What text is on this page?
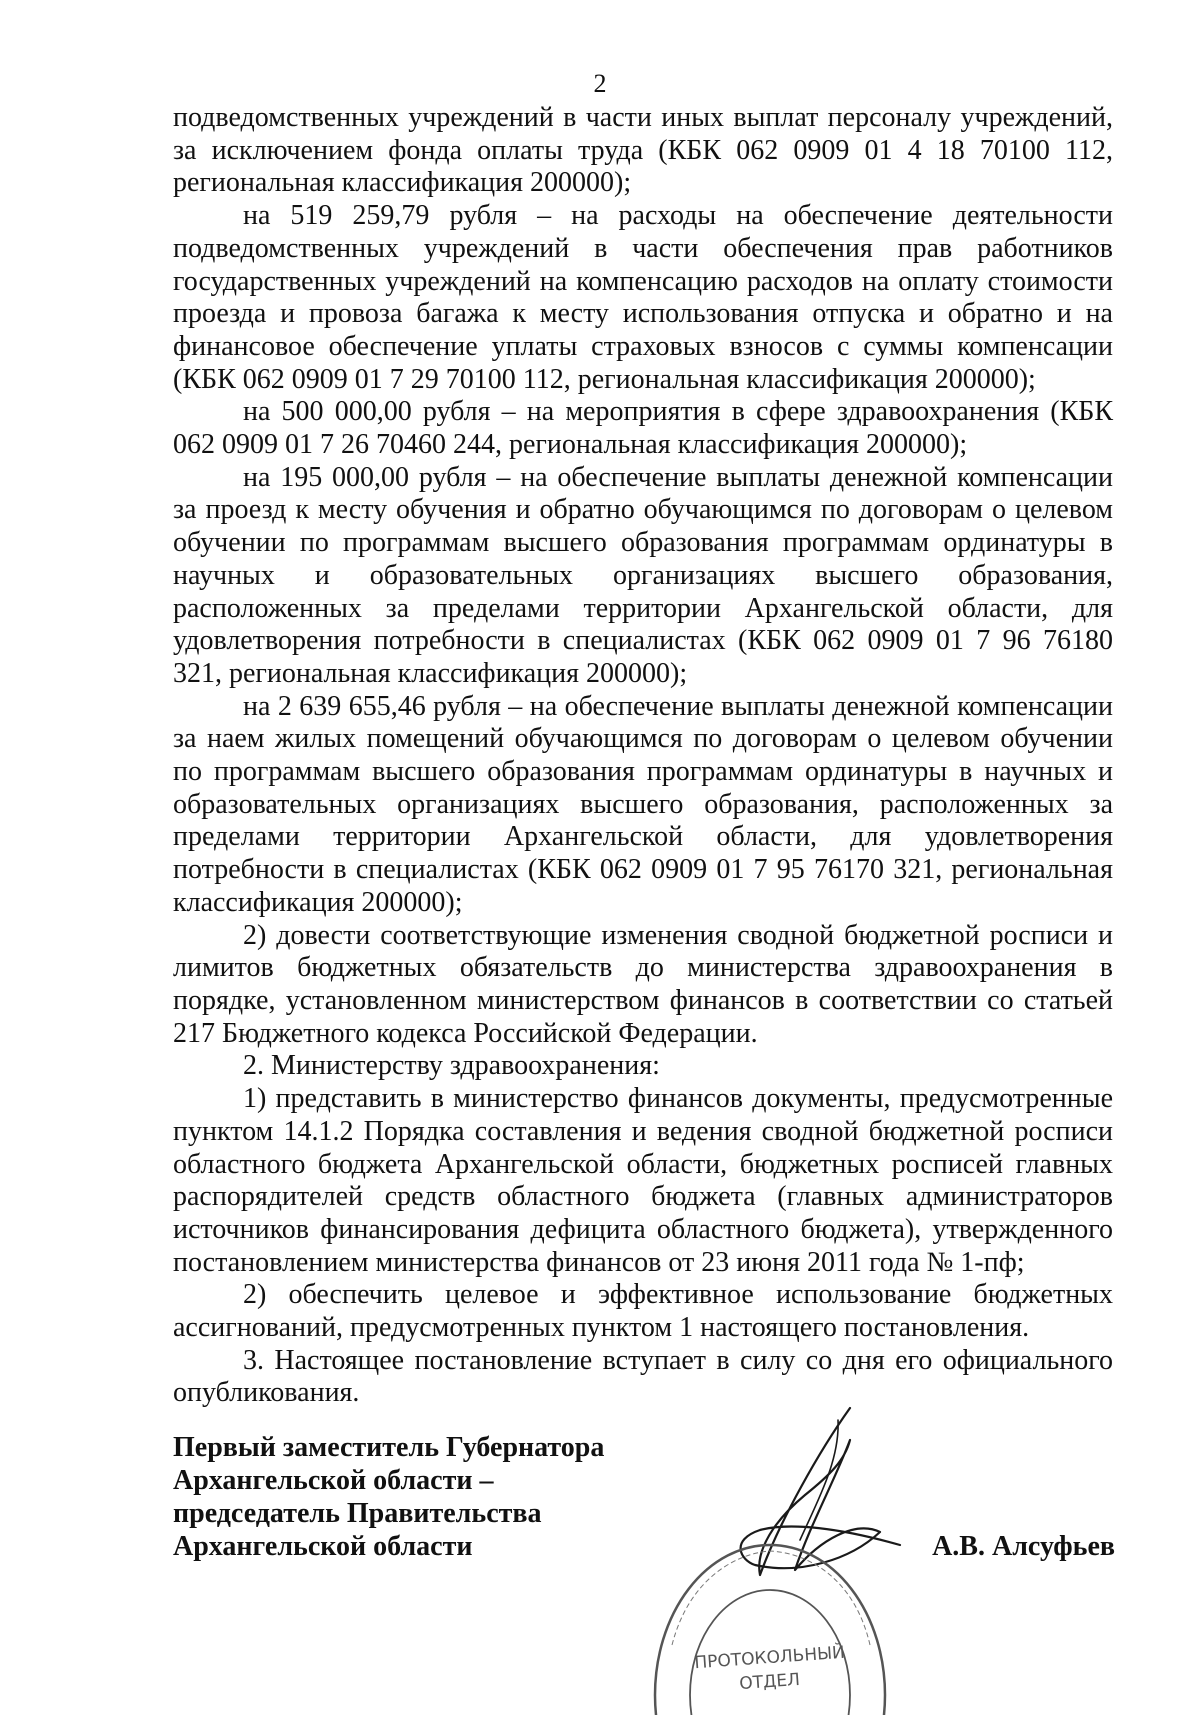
2

подведомственных учреждений в части иных выплат персоналу учреждений, за исключением фонда оплаты труда (КБК 062 0909 01 4 18 70100 112, региональная классификация 200000);

на 519 259,79 рубля – на расходы на обеспечение деятельности подведомственных учреждений в части обеспечения прав работников государственных учреждений на компенсацию расходов на оплату стоимости проезда и провоза багажа к месту использования отпуска и обратно и на финансовое обеспечение уплаты страховых взносов с суммы компенсации (КБК 062 0909 01 7 29 70100 112, региональная классификация 200000);

на 500 000,00 рубля – на мероприятия в сфере здравоохранения (КБК 062 0909 01 7 26 70460 244, региональная классификация 200000);

на 195 000,00 рубля – на обеспечение выплаты денежной компенсации за проезд к месту обучения и обратно обучающимся по договорам о целевом обучении по программам высшего образования программам ординатуры в научных и образовательных организациях высшего образования, расположенных за пределами территории Архангельской области, для удовлетворения потребности в специалистах (КБК 062 0909 01 7 96 76180 321, региональная классификация 200000);

на 2 639 655,46 рубля – на обеспечение выплаты денежной компенсации за наем жилых помещений обучающимся по договорам о целевом обучении по программам высшего образования программам ординатуры в научных и образовательных организациях высшего образования, расположенных за пределами территории Архангельской области, для удовлетворения потребности в специалистах (КБК 062 0909 01 7 95 76170 321, региональная классификация 200000);

2) довести соответствующие изменения сводной бюджетной росписи и лимитов бюджетных обязательств до министерства здравоохранения в порядке, установленном министерством финансов в соответствии со статьей 217 Бюджетного кодекса Российской Федерации.

2. Министерству здравоохранения:

1) представить в министерство финансов документы, предусмотренные пунктом 14.1.2 Порядка составления и ведения сводной бюджетной росписи областного бюджета Архангельской области, бюджетных росписей главных распорядителей средств областного бюджета (главных администраторов источников финансирования дефицита областного бюджета), утвержденного постановлением министерства финансов от 23 июня 2011 года № 1-пф;

2) обеспечить целевое и эффективное использование бюджетных ассигнований, предусмотренных пунктом 1 настоящего постановления.

3. Настоящее постановление вступает в силу со дня его официального опубликования.

Первый заместитель Губернатора
Архангельской области –
председатель Правительства
Архангельской области	А.В. Алсуфьев
ПРОТОКОЛЬНЫЙ
ОТДЕЛ
